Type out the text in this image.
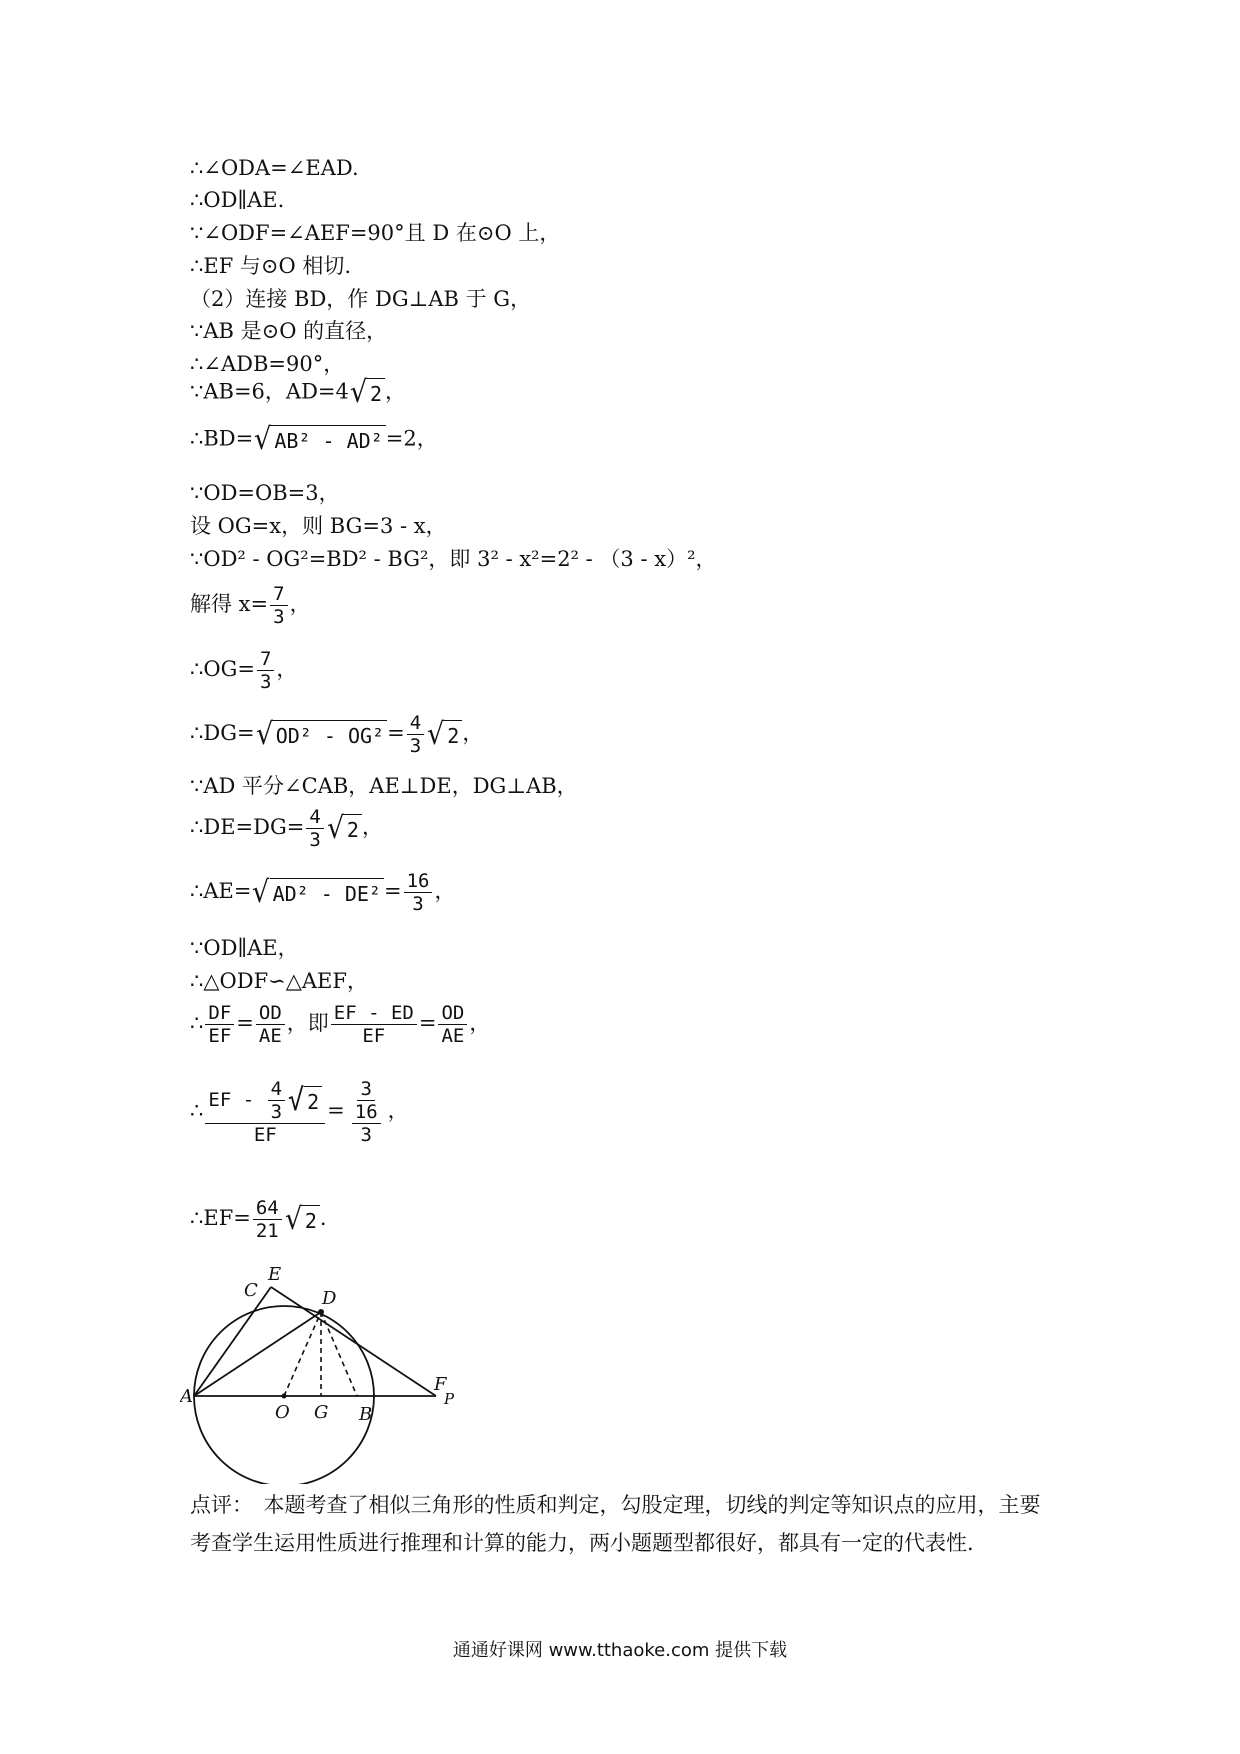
∴∠ODA=∠EAD.
∴OD∥AE.
∵∠ODF=∠AEF=90°且 D 在⊙O 上，
∴EF 与⊙O 相切.
（2）连接 BD，作 DG⊥AB 于 G，
∵AB 是⊙O 的直径，
∴∠ADB=90°，
∵AB=6，AD=4 √ 2 ，
∴BD= √ AB² - AD² =2，
∵OD=OB=3，
设 OG=x，则 BG=3 - x，
∵OD² - OG²=BD² - BG²，即 3² - x²=2² - （3 - x）²，
解得 $x= \frac{7}{3}$ ，
∴OG= $\frac{7}{3}$ ，
∴DG= √ $OD^2 - OG^2 = \frac{4}{3}$ √ 2 ，
∵AD 平分∠CAB，AE⊥DE，DG⊥AB，
∴DE=DG= $\frac{4}{3}$ √ 2 ，
∴AE= √ $AD^2 - DE^2 = \frac{16}{3}$ ，
∵OD∥AE，
∴△ODF∽△AEF，
∴ $\frac{DF}{EF} = \frac{OD}{AE}$ ，即 $\frac{EF - ED}{EF} = \frac{OD}{AE}$ ，
∴ $\frac{EF - \frac{4}{3} √ 2}{EF} = \frac{3}{\frac{16}{3}}$ ，
∴EF= $\frac{64}{21}$ √ 2 .
E
C	D
A
O G B
F
P
点评：　本题考查了相似三角形的性质和判定，勾股定理，切线的判定等知识点的应用，主要考查学生运用性质进行推理和计算的能力，两小题题型都很好，都具有一定的代表性.
通通好课网 www.tthaoke.com 提供下载
